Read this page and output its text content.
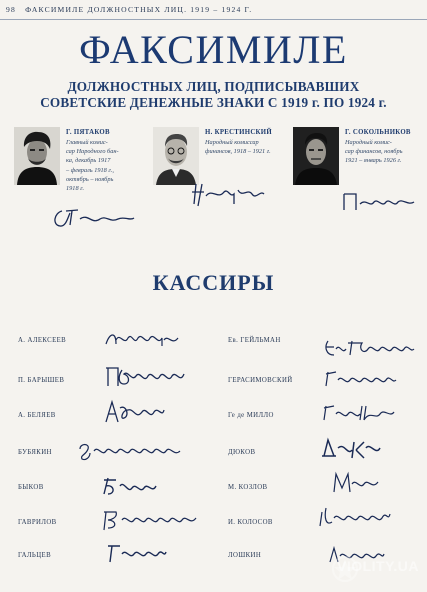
98 ФАКСИМИЛЕ ДОЛЖНОСТНЫХ ЛИЦ. 1919 – 1924 Г.
ФАКСИМИЛЕ
ДОЛЖНОСТНЫХ ЛИЦ, ПОДПИСЫВАВШИХ
СОВЕТСКИЕ ДЕНЕЖНЫЕ ЗНАКИ С 1919 г. ПО 1924 г.
Г. ПЯТАКОВ
Главный комис-
сар Народного бан-
ка, декабрь 1917
– февраль 1918 г.,
октябрь – ноябрь
1918 г.
Н. КРЕСТИНСКИЙ
Народный комиссар
финансов, 1918 – 1921 г.
Г. СОКОЛЬНИКОВ
Народный комис-
сар финансов, ноябрь
1921 – январь 1926 г.
КАССИРЫ
А. АЛЕКСЕЕВ	Ев. ГЕЙЛЬМАН
П. БАРЫШЕВ	ГЕРАСИМОВСКИЙ
А. БЕЛЯЕВ	Ге де МИЛЛО
БУБЯКИН	ДЮКОВ
БЫКОВ	М. КОЗЛОВ
ГАВРИЛОВ	И. КОЛОСОВ
ГАЛЬЦЕВ	ЛОШКИН
VIOLITY.UA
